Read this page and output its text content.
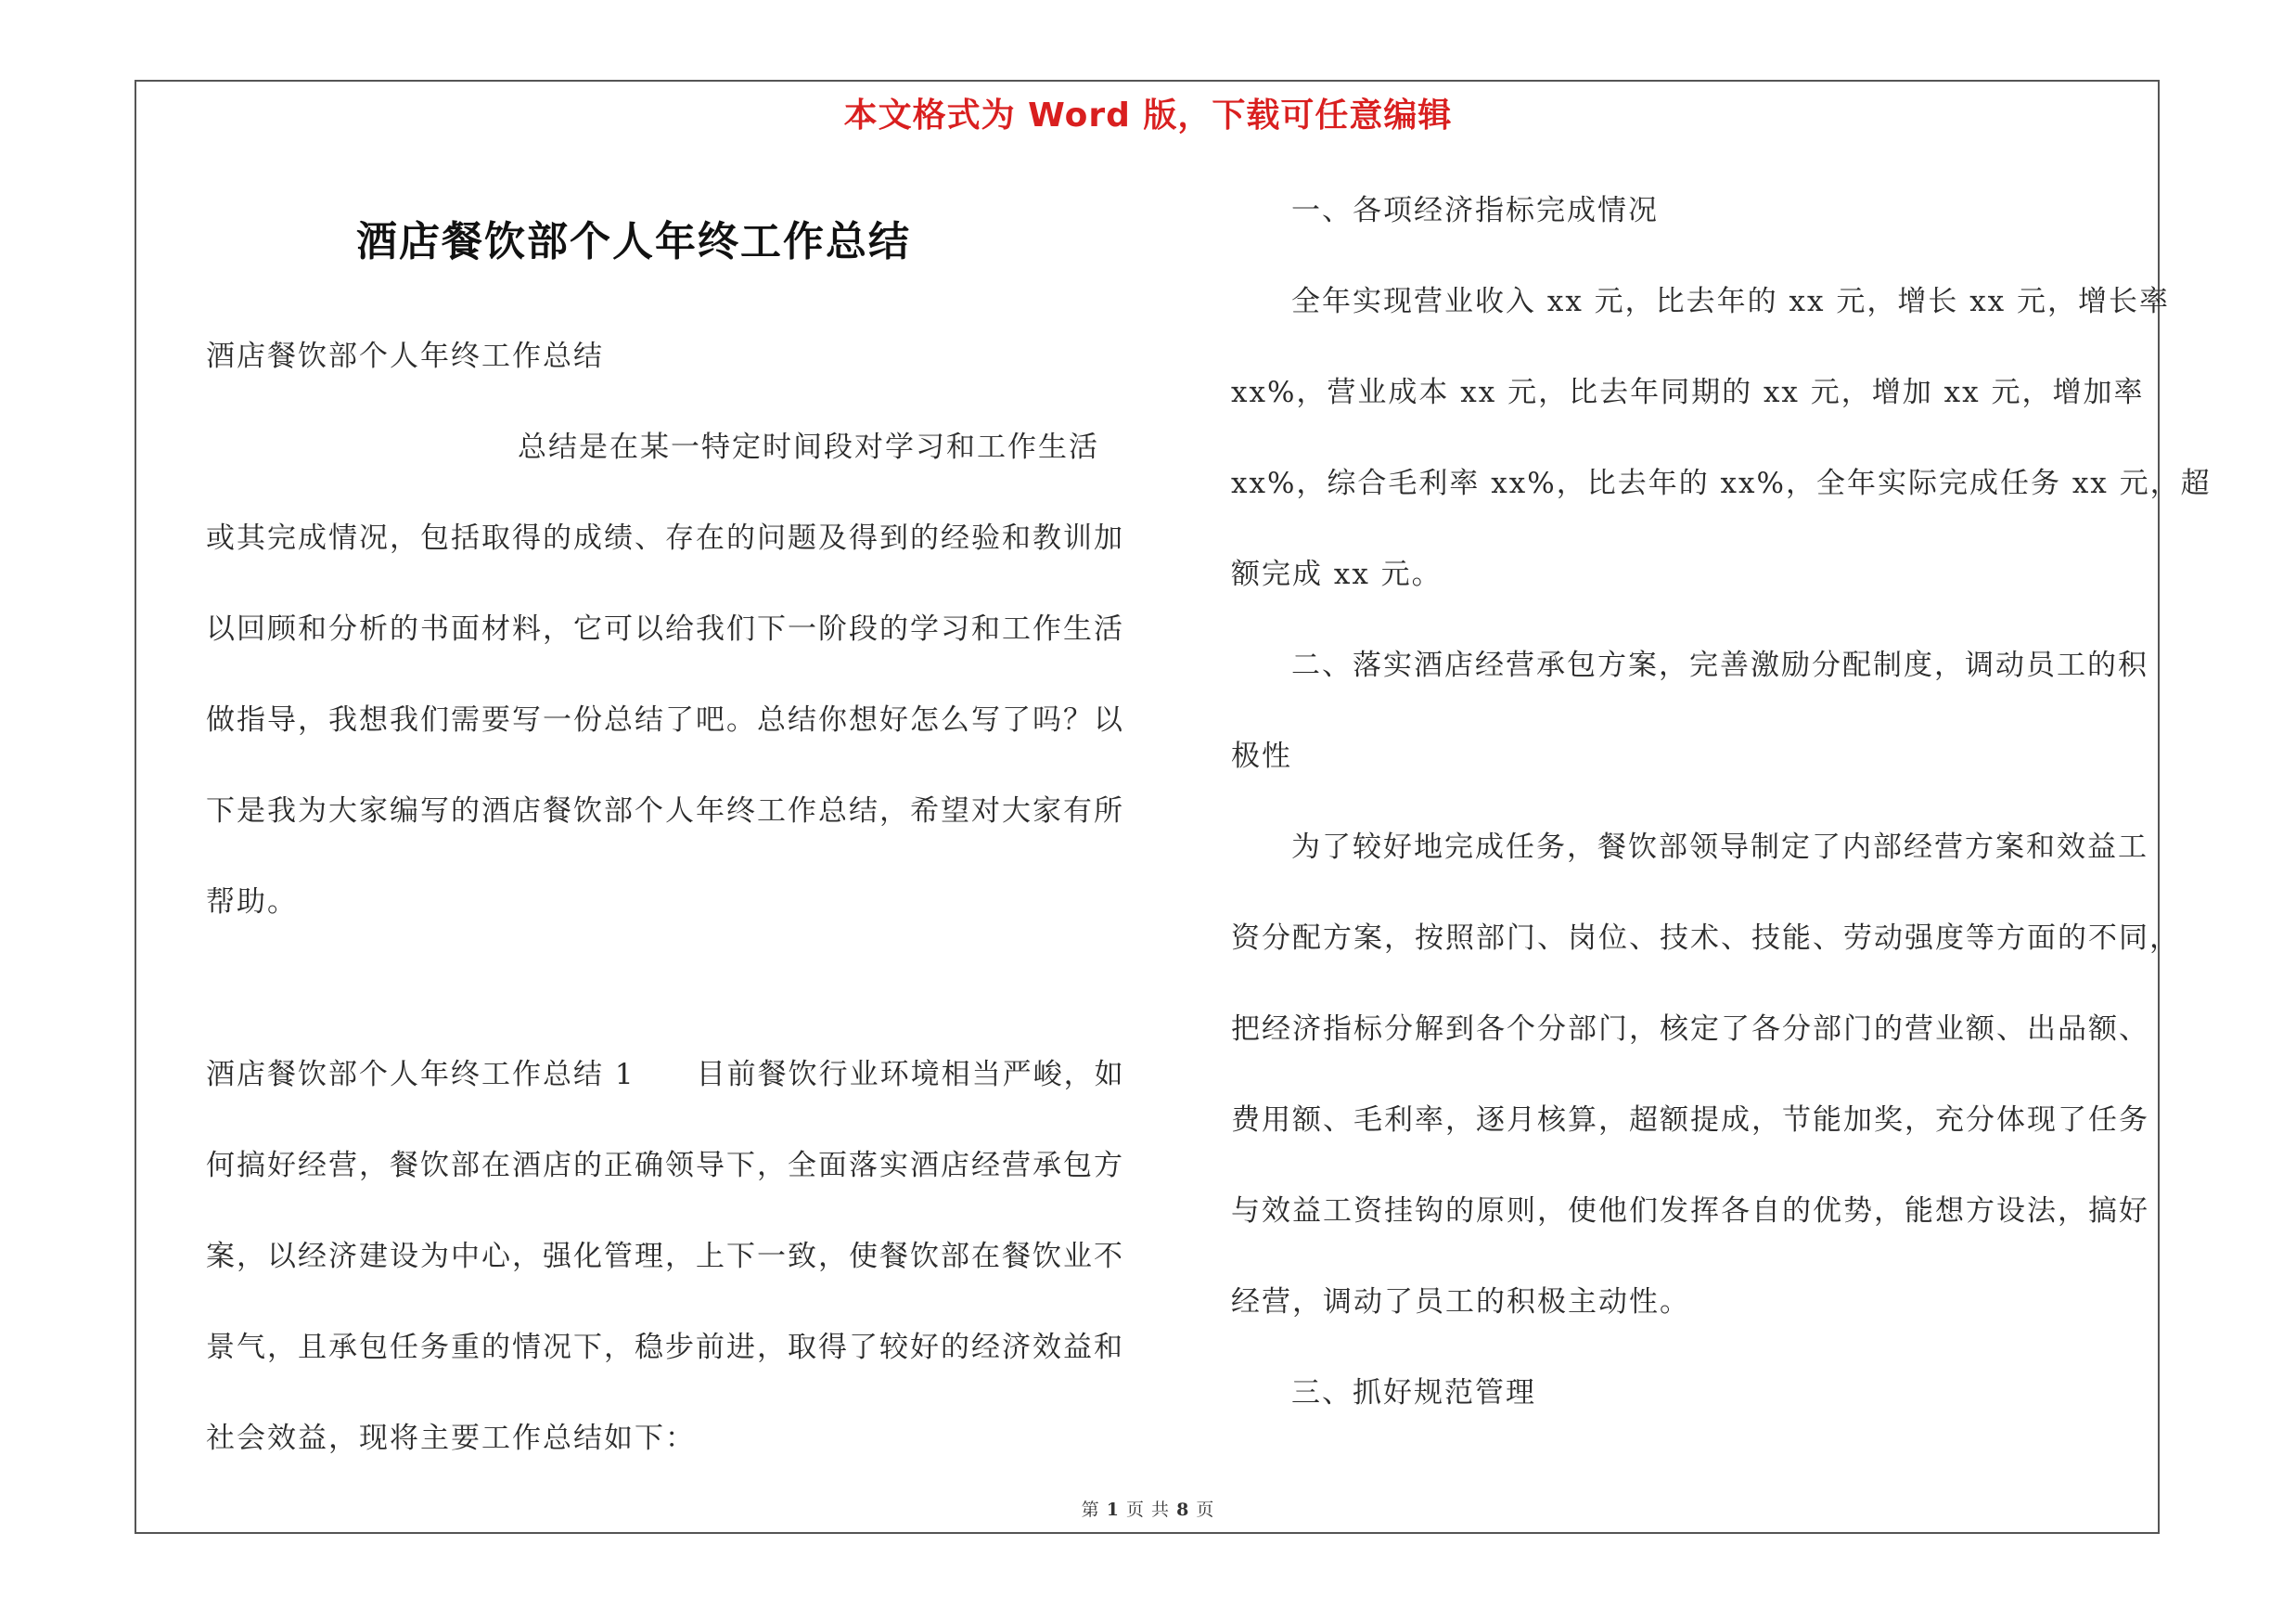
本文格式为 Word 版，下载可任意编辑
酒店餐饮部个人年终工作总结
酒店餐饮部个人年终工作总结
总结是在某一特定时间段对学习和工作生活
或其完成情况，包括取得的成绩、存在的问题及得到的经验和教训加
以回顾和分析的书面材料，它可以给我们下一阶段的学习和工作生活
做指导，我想我们需要写一份总结了吧。总结你想好怎么写了吗？以
下是我为大家编写的酒店餐饮部个人年终工作总结，希望对大家有所
帮助。
酒店餐饮部个人年终工作总结 1　　目前餐饮行业环境相当严峻，如
何搞好经营，餐饮部在酒店的正确领导下，全面落实酒店经营承包方
案，以经济建设为中心，强化管理，上下一致，使餐饮部在餐饮业不
景气，且承包任务重的情况下，稳步前进，取得了较好的经济效益和
社会效益，现将主要工作总结如下：
一、各项经济指标完成情况
全年实现营业收入 xx 元，比去年的 xx 元，增长 xx 元，增长率
xx%，营业成本 xx 元，比去年同期的 xx 元，增加 xx 元，增加率
xx%，综合毛利率 xx%，比去年的 xx%，全年实际完成任务 xx 元，超
额完成 xx 元。
二、落实酒店经营承包方案，完善激励分配制度，调动员工的积
极性
为了较好地完成任务，餐饮部领导制定了内部经营方案和效益工
资分配方案，按照部门、岗位、技术、技能、劳动强度等方面的不同，
把经济指标分解到各个分部门，核定了各分部门的营业额、出品额、
费用额、毛利率，逐月核算，超额提成，节能加奖，充分体现了任务
与效益工资挂钩的原则，使他们发挥各自的优势，能想方设法，搞好
经营，调动了员工的积极主动性。
三、抓好规范管理
第 1 页 共 8 页
